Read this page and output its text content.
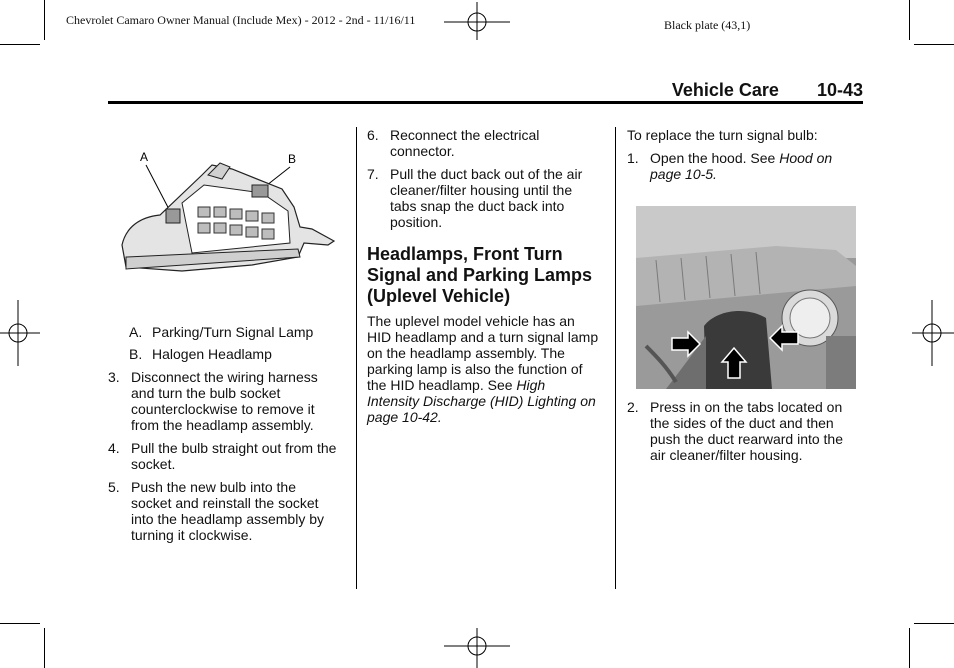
Chevrolet Camaro Owner Manual (Include Mex) - 2012 - 2nd - 11/16/11	Black plate (43,1)
Vehicle Care 10-43
A	B
A. Parking/Turn Signal Lamp
B. Halogen Headlamp
3. Disconnect the wiring harness and turn the bulb socket counterclockwise to remove it from the headlamp assembly.
4. Pull the bulb straight out from the socket.
5. Push the new bulb into the socket and reinstall the socket into the headlamp assembly by turning it clockwise.
6. Reconnect the electrical connector.
7. Pull the duct back out of the air cleaner/filter housing until the tabs snap the duct back into position.
Headlamps, Front Turn Signal and Parking Lamps (Uplevel Vehicle)

The uplevel model vehicle has an HID headlamp and a turn signal lamp on the headlamp assembly. The parking lamp is also the function of the HID headlamp. See High Intensity Discharge (HID) Lighting on page 10-42.

To replace the turn signal bulb:

1. Open the hood. See Hood on page 10-5.
2. Press in on the tabs located on the sides of the duct and then push the duct rearward into the air cleaner/filter housing.
